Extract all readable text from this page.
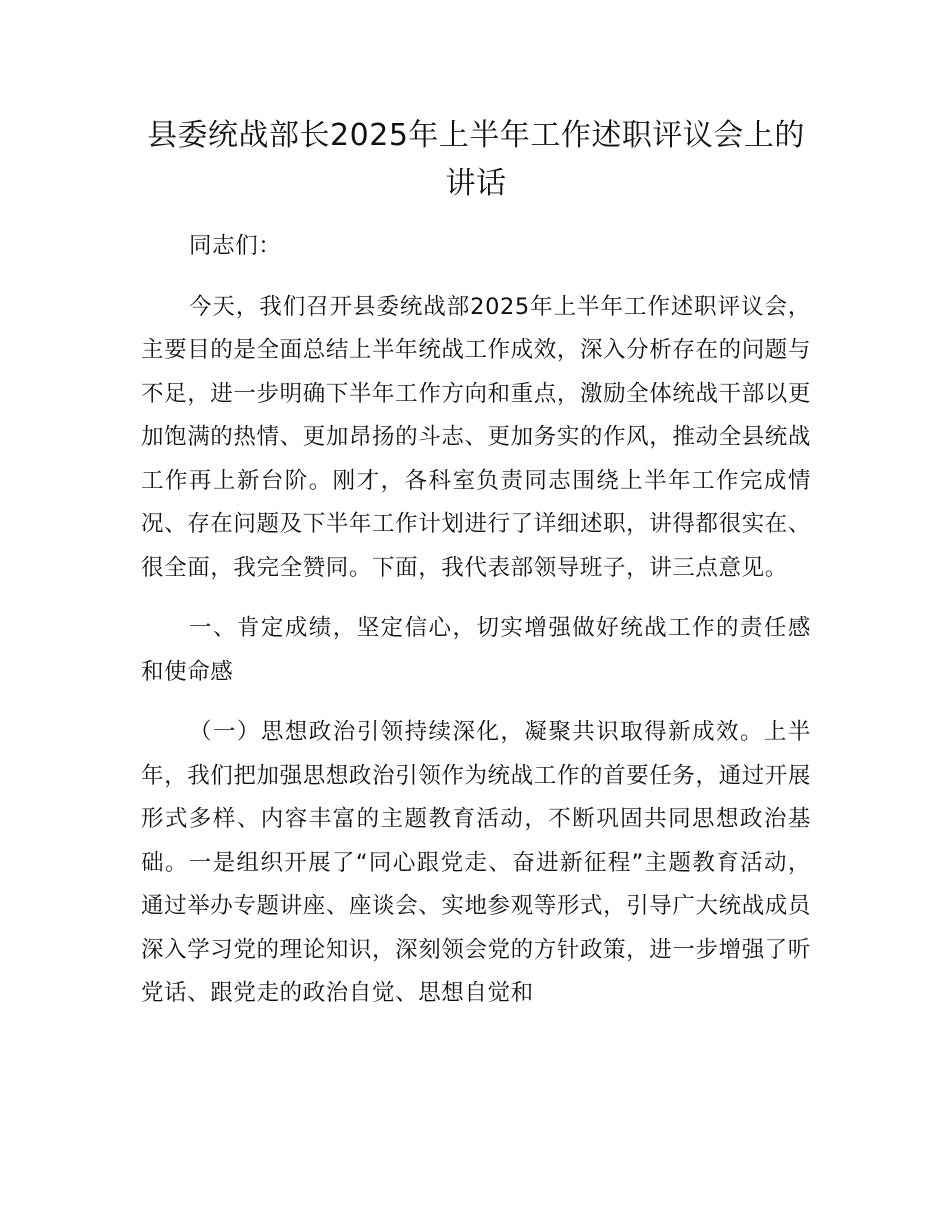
县委统战部长2025年上半年工作述职评议会上的讲话

同志们：

今天，我们召开县委统战部2025年上半年工作述职评议会，主要目的是全面总结上半年统战工作成效，深入分析存在的问题与不足，进一步明确下半年工作方向和重点，激励全体统战干部以更加饱满的热情、更加昂扬的斗志、更加务实的作风，推动全县统战工作再上新台阶。刚才，各科室负责同志围绕上半年工作完成情况、存在问题及下半年工作计划进行了详细述职，讲得都很实在、很全面，我完全赞同。下面，我代表部领导班子，讲三点意见。

一、肯定成绩，坚定信心，切实增强做好统战工作的责任感和使命感

（一）思想政治引领持续深化，凝聚共识取得新成效。上半年，我们把加强思想政治引领作为统战工作的首要任务，通过开展形式多样、内容丰富的主题教育活动，不断巩固共同思想政治基础。一是组织开展了“同心跟党走、奋进新征程”主题教育活动，通过举办专题讲座、座谈会、实地参观等形式，引导广大统战成员深入学习党的理论知识，深刻领会党的方针政策，进一步增强了听党话、跟党走的政治自觉、思想自觉和
